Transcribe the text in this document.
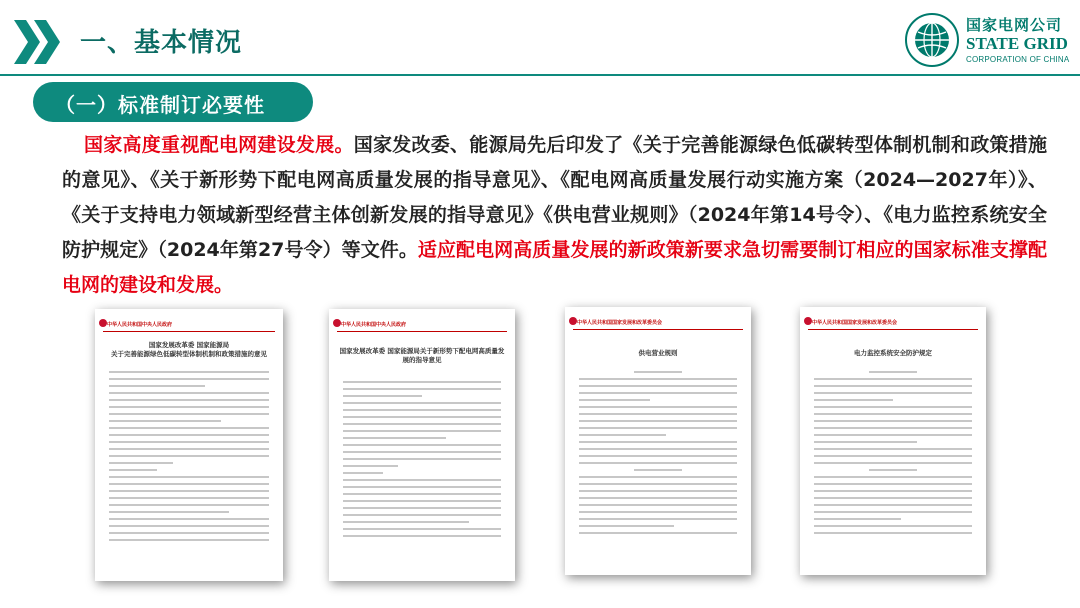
一、基本情况
国家电网公司
STATE GRID
CORPORATION OF CHINA
（一）标准制订必要性
国家高度重视配电网建设发展。国家发改委、能源局先后印发了《关于完善能源绿色低碳转型体制机制和政策措施的意见》、《关于新形势下配电网高质量发展的指导意见》、《配电网高质量发展行动实施方案（2024—2027年）》、《关于支持电力领域新型经营主体创新发展的指导意见》《供电营业规则》（2024年第14号令）、《电力监控系统安全防护规定》（2024年第27号令）等文件。适应配电网高质量发展的新政策新要求急切需要制订相应的国家标准支撑配电网的建设和发展。
中华人民共和国中央人民政府
国家发展改革委 国家能源局
关于完善能源绿色低碳转型体制机制和政策措施的意见
中华人民共和国中央人民政府
国家发展改革委 国家能源局关于新形势下配电网高质量发展的指导意见
中华人民共和国国家发展和改革委员会
供电营业规则
中华人民共和国国家发展和改革委员会
电力监控系统安全防护规定
